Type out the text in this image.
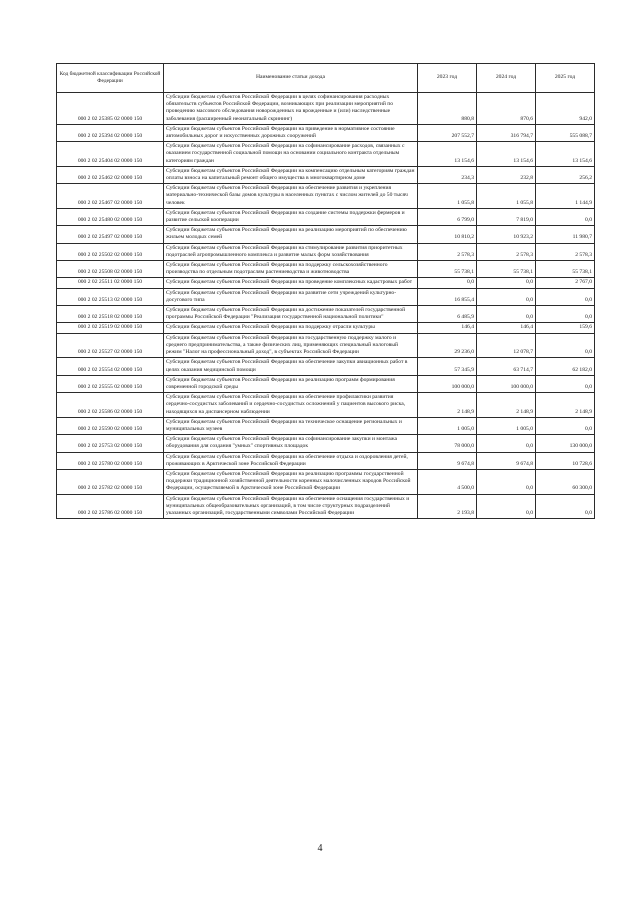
Код бюджетной классификации Российской Федерации	Наименование статьи дохода	2023 год	2024 год	2025 год
000 2 02 25385 02 0000 150	Субсидии бюджетам субъектов Российской Федерации в целях софинансирования расходных обязательств субъектов Российской Федерации, возникающих при реализации мероприятий по проведению массового обследования новорожденных на врожденные и (или) наследственные заболевания (расширенный неонатальный скрининг)	880,8	870,6	942,0
000 2 02 25394 02 0000 150	Субсидии бюджетам субъектов Российской Федерации на приведение в нормативное состояние автомобильных дорог и искусственных дорожных сооружений	207 552,7	316 794,7	555 088,7
000 2 02 25404 02 0000 150	Субсидии бюджетам субъектов Российской Федерации на софинансирование расходов, связанных с оказанием государственной социальной помощи на основании социального контракта отдельным категориям граждан	13 154,6	13 154,6	13 154,6
000 2 02 25462 02 0000 150	Субсидии бюджетам субъектов Российской Федерации на компенсацию отдельным категориям граждан оплаты взноса на капитальный ремонт общего имущества в многоквартирном доме	234,3	232,8	256,2
000 2 02 25467 02 0000 150	Субсидии бюджетам субъектов Российской Федерации на обеспечение развития и укрепления материально-технической базы домов культуры в населенных пунктах с числом жителей до 50 тысяч человек	1 055,8	1 055,8	1 144,9
000 2 02 25480 02 0000 150	Субсидии бюджетам субъектов Российской Федерации на создание системы поддержки фермеров и развитие сельской кооперации	6 799,0	7 819,0	0,0
000 2 02 25497 02 0000 150	Субсидии бюджетам субъектов Российской Федерации на реализацию мероприятий по обеспечению жильем молодых семей	10 810,2	10 923,2	11 980,7
000 2 02 25502 02 0000 150	Субсидии бюджетам субъектов Российской Федерации на стимулирование развития приоритетных подотраслей агропромышленного комплекса и развитие малых форм хозяйствования	2 578,3	2 578,3	2 578,3
000 2 02 25508 02 0000 150	Субсидии бюджетам субъектов Российской Федерации на поддержку сельскохозяйственного производства по отдельным подотраслям растениеводства и животноводства	55 738,1	55 738,1	55 738,1
000 2 02 25511 02 0000 150	Субсидии бюджетам субъектов Российской Федерации на проведение комплексных кадастровых работ	0,0	0,0	2 767,0
000 2 02 25513 02 0000 150	Субсидии бюджетам субъектов Российской Федерации на развитие сети учреждений культурно-досугового типа	16 855,4	0,0	0,0
000 2 02 25518 02 0000 150	Субсидии бюджетам субъектов Российской Федерации на достижение показателей государственной программы Российской Федерации "Реализация государственной национальной политики"	6 485,9	0,0	0,0
000 2 02 25519 02 0000 150	Субсидии бюджетам субъектов Российской Федерации на поддержку отрасли культуры	146,4	146,4	159,6
000 2 02 25527 02 0000 150	Субсидии бюджетам субъектов Российской Федерации на государственную поддержку малого и среднего предпринимательства, а также физических лиц, применяющих специальный налоговый режим "Налог на профессиональный доход", в субъектах Российской Федерации	29 236,0	12 078,7	0,0
000 2 02 25554 02 0000 150	Субсидии бюджетам субъектов Российской Федерации на обеспечение закупки авиационных работ в целях оказания медицинской помощи	57 345,9	63 714,7	62 182,0
000 2 02 25555 02 0000 150	Субсидии бюджетам субъектов Российской Федерации на реализацию программ формирования современной городской среды	100 000,0	100 000,0	0,0
000 2 02 25586 02 0000 150	Субсидии бюджетам субъектов Российской Федерации на обеспечение профилактики развития сердечно-сосудистых заболеваний и сердечно-сосудистых осложнений у пациентов высокого риска, находящихся на диспансерном наблюдении	2 148,9	2 148,9	2 148,9
000 2 02 25590 02 0000 150	Субсидии бюджетам субъектов Российской Федерации на техническое оснащение региональных и муниципальных музеев	1 005,0	1 005,0	0,0
000 2 02 25753 02 0000 150	Субсидии бюджетам субъектов Российской Федерации на софинансирование закупки и монтажа оборудования для создания "умных" спортивных площадок	78 000,0	0,0	130 000,0
000 2 02 25780 02 0000 150	Субсидии бюджетам субъектов Российской Федерации на обеспечение отдыха и оздоровления детей, проживающих в Арктической зоне Российской Федерации	9 674,8	9 674,8	10 728,6
000 2 02 25782 02 0000 150	Субсидии бюджетам субъектов Российской Федерации на реализацию программы государственной поддержки традиционной хозяйственной деятельности коренных малочисленных народов Российской Федерации, осуществляемой в Арктической зоне Российской Федерации	4 500,0	0,0	60 300,0
000 2 02 25786 02 0000 150	Субсидии бюджетам субъектов Российской Федерации на обеспечение оснащения государственных и муниципальных общеобразовательных организаций, в том числе структурных подразделений указанных организаций, государственными символами Российской Федерации	2 193,8	0,0	0,0
4
